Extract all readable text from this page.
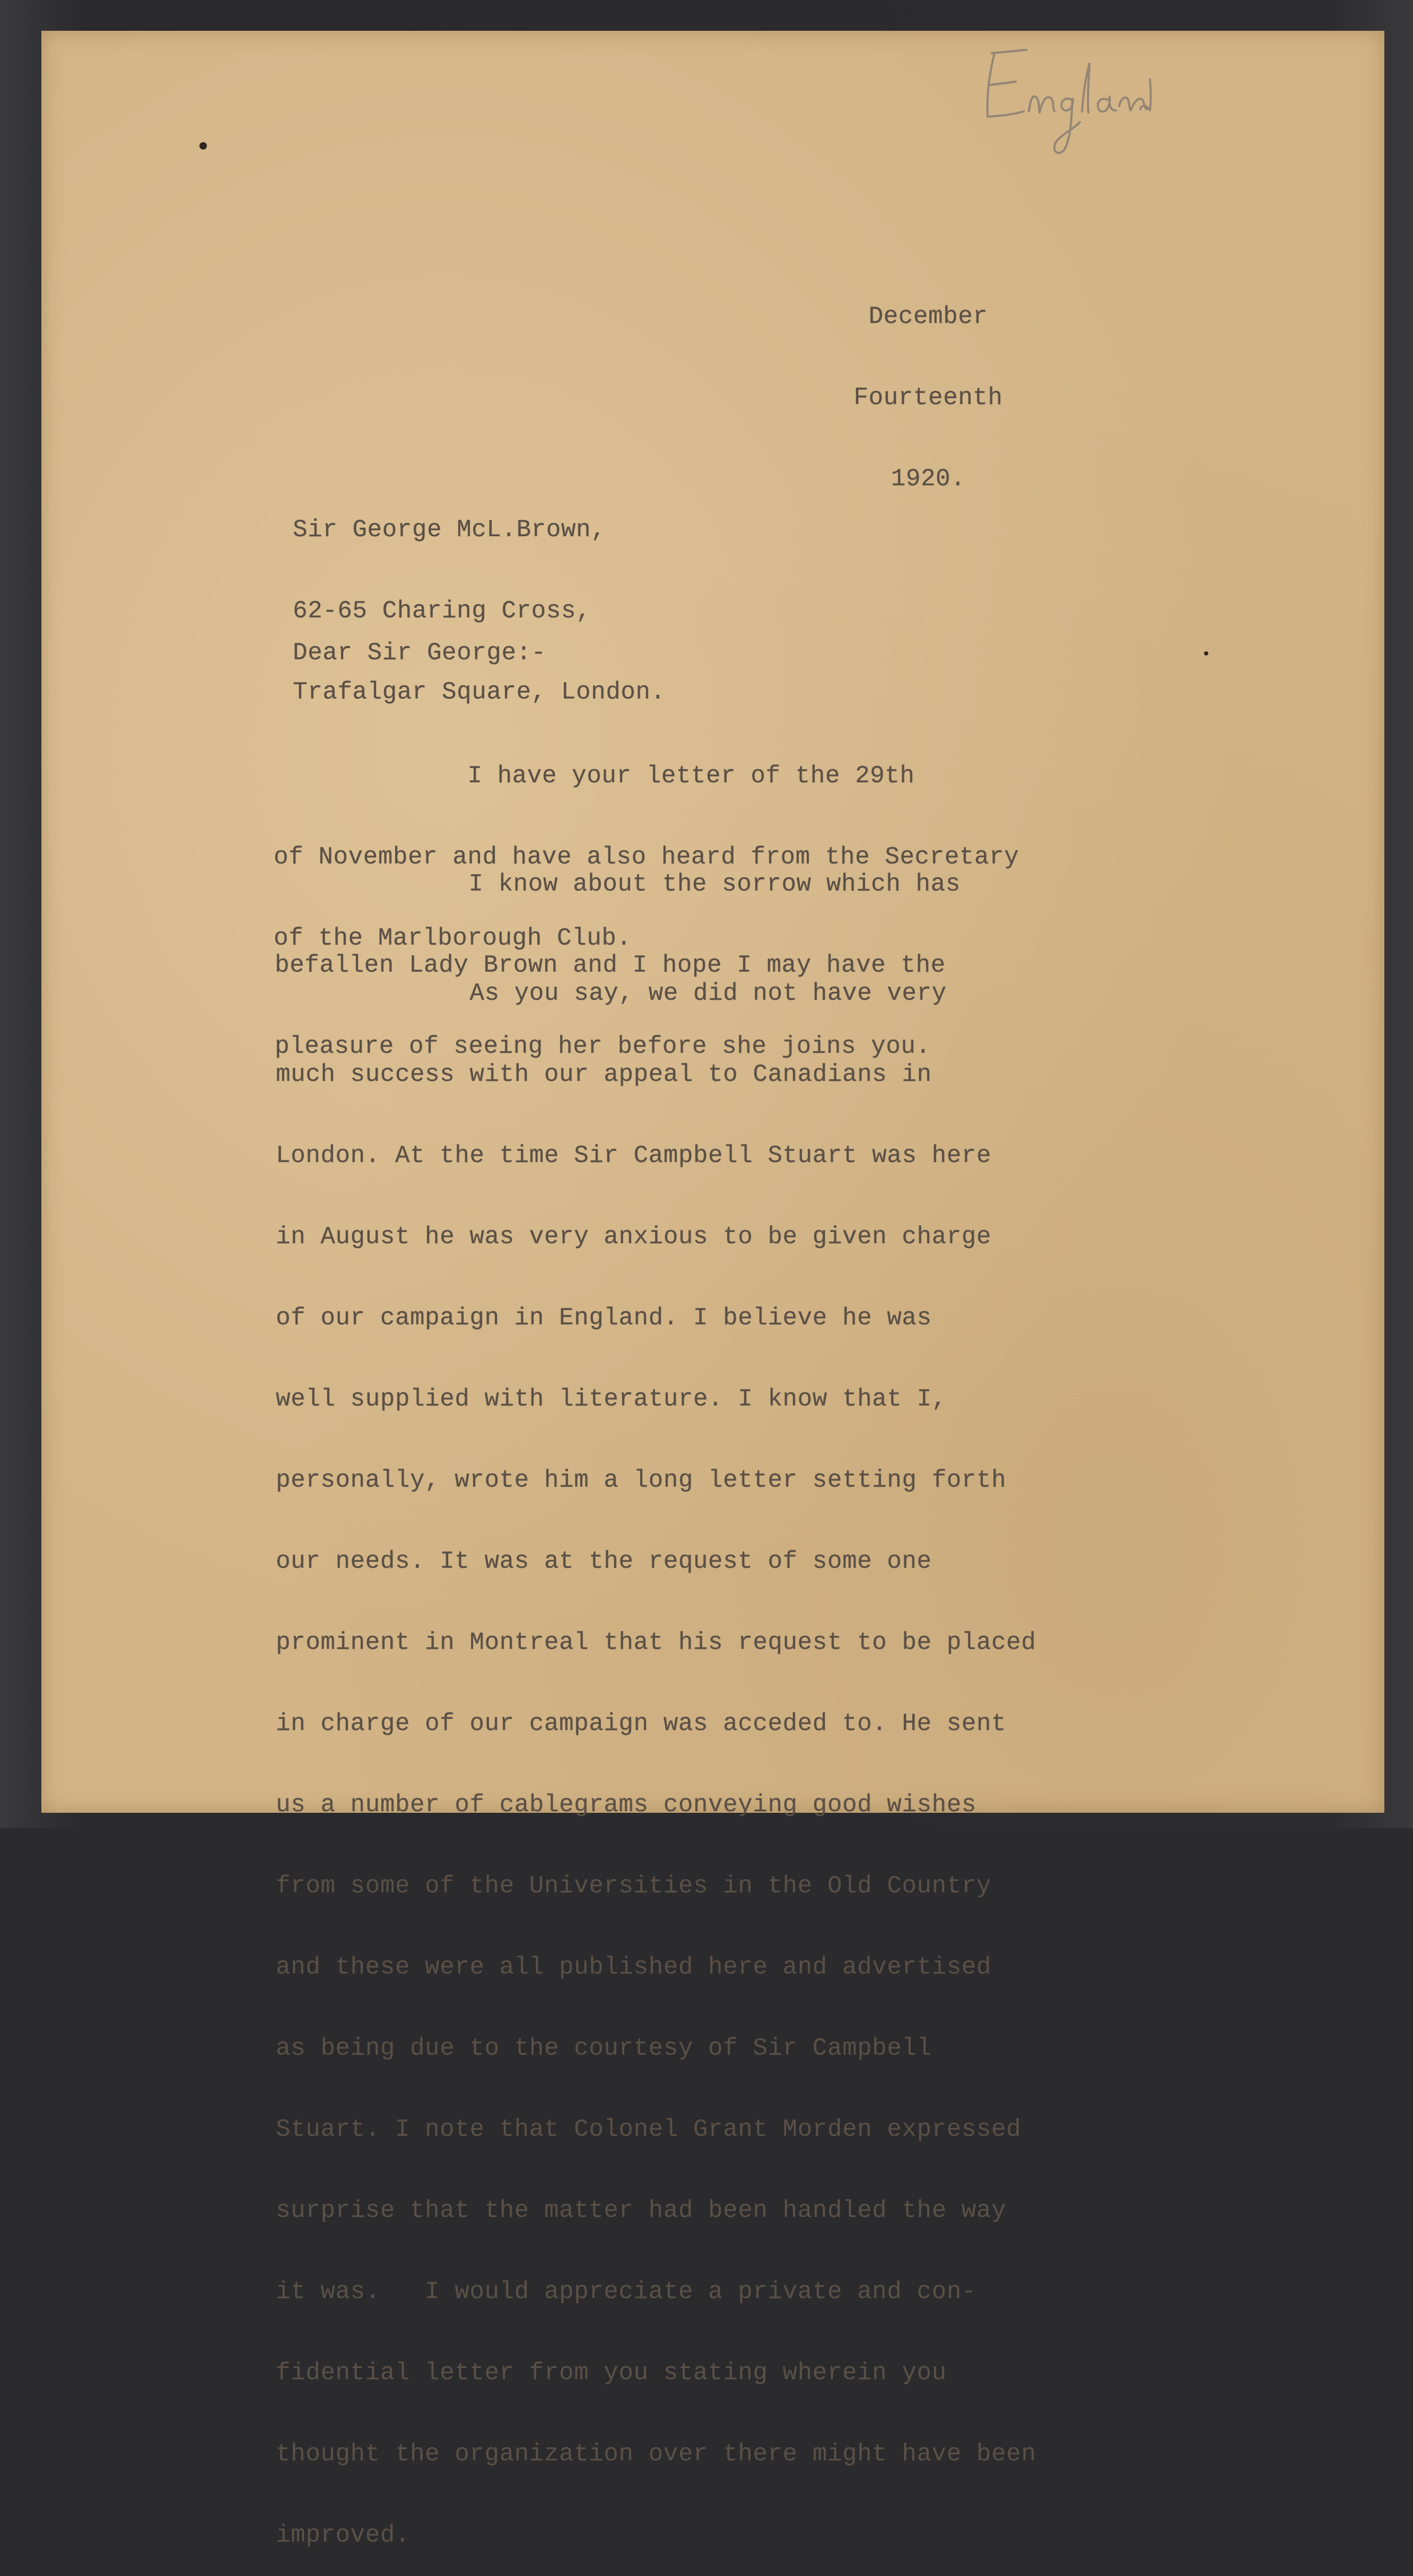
December

Fourteenth

1920.

Sir George McL.Brown,

62-65 Charing Cross,

Trafalgar Square, London.

Dear Sir George:-

I have your letter of the 29th

of November and have also heard from the Secretary

of the Marlborough Club.

I know about the sorrow which has

befallen Lady Brown and I hope I may have the

pleasure of seeing her before she joins you.

As you say, we did not have very

much success with our appeal to Canadians in

London. At the time Sir Campbell Stuart was here

in August he was very anxious to be given charge

of our campaign in England. I believe he was

well supplied with literature. I know that I,

personally, wrote him a long letter setting forth

our needs. It was at the request of some one

prominent in Montreal that his request to be placed

in charge of our campaign was acceded to. He sent

us a number of cablegrams conveying good wishes

from some of the Universities in the Old Country

and these were all published here and advertised

as being due to the courtesy of Sir Campbell

Stuart. I note that Colonel Grant Morden expressed

surprise that the matter had been handled the way

it was.   I would appreciate a private and con-

fidential letter from you stating wherein you

thought the organization over there might have been

improved.
